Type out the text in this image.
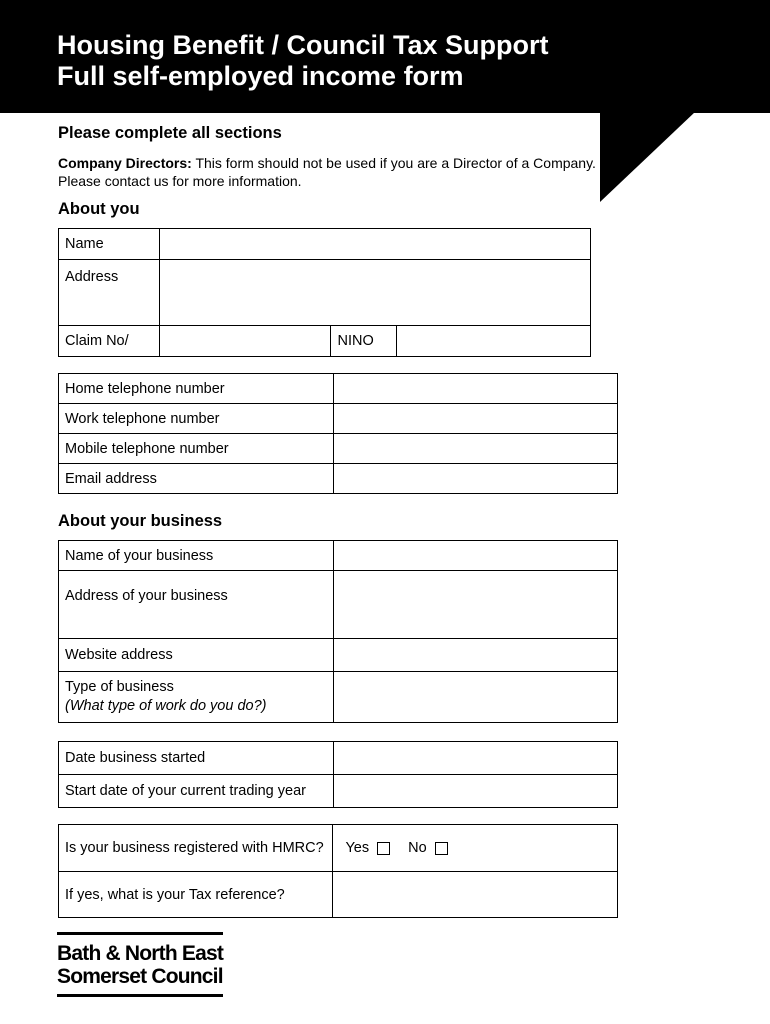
Housing Benefit / Council Tax Support
Full self-employed income form
Please complete all sections
Company Directors: This form should not be used if you are a Director of a Company. Please contact us for more information.
About you
Name			
Address			
Claim No/		NINO	
Home telephone number	
Work telephone number	
Mobile telephone number	
Email address	
About your business
Name of your business	
Address of your business	
Website address	

Type of business
(What type of work do you do?)	

Date business started	
Start date of your current trading year	
Is your business registered with HMRC?	Yes No

If yes, what is your Tax reference?	
Bath & North East
Somerset Council
